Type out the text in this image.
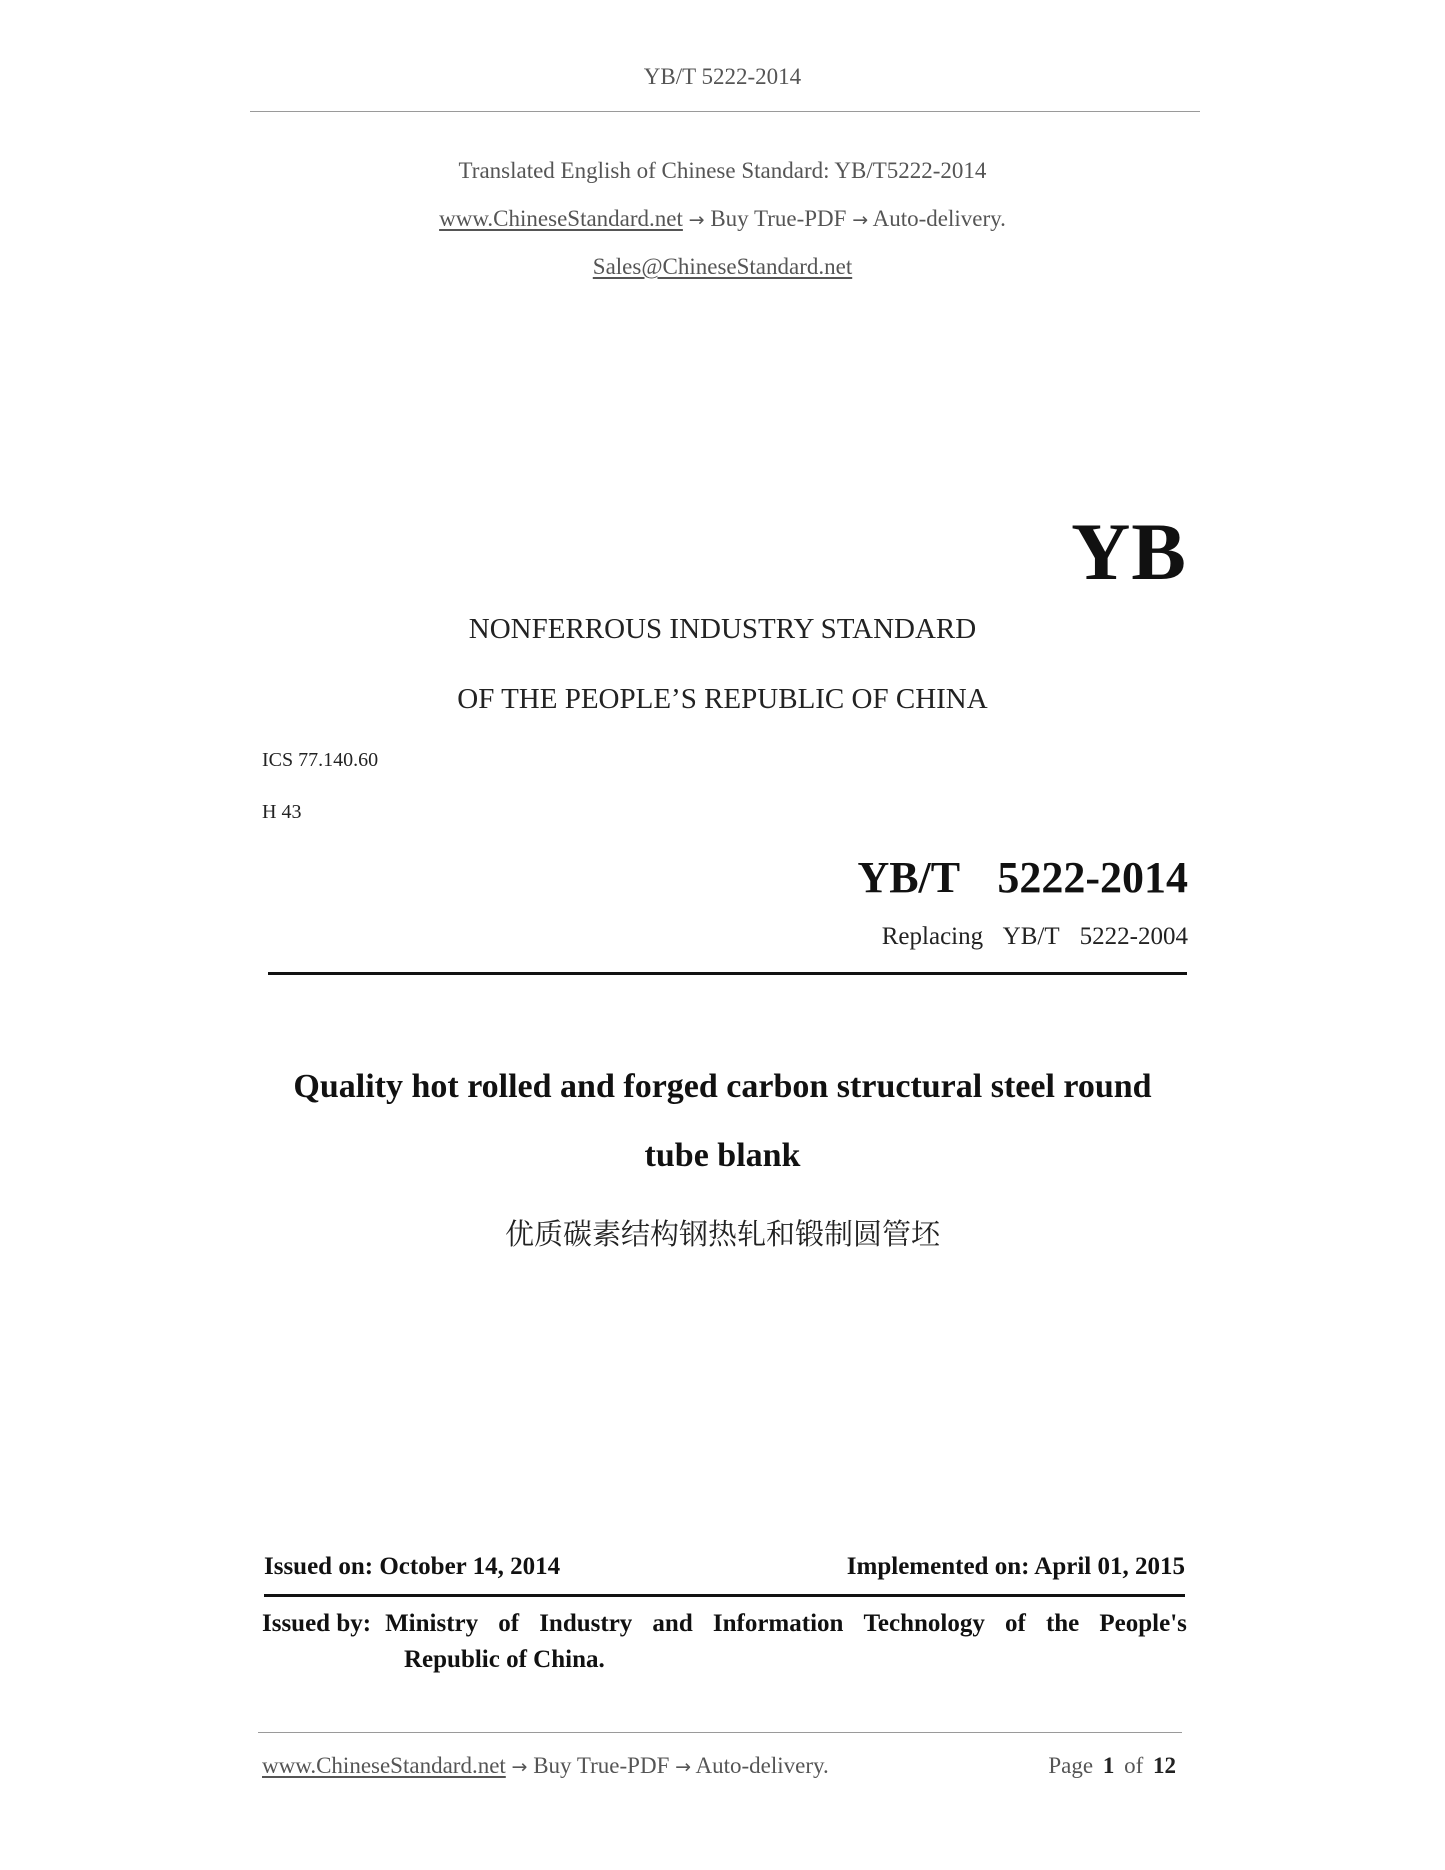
YB/T 5222-2014
Translated English of Chinese Standard: YB/T5222-2014
www.ChineseStandard.net → Buy True-PDF → Auto-delivery.
Sales@ChineseStandard.net
YB
NONFERROUS INDUSTRY STANDARD
OF THE PEOPLE’S REPUBLIC OF CHINA
ICS 77.140.60
H 43
YB/T  5222-2014
Replacing  YB/T  5222-2004
Quality hot rolled and forged carbon structural steel round
tube blank
优质碳素结构钢热轧和锻制圆管坯
Issued on: October 14, 2014	Implemented on: April 01, 2015
Issued by: Ministry of Industry and Information Technology of the People's
Republic of China.
www.ChineseStandard.net → Buy True-PDF → Auto-delivery.	Page 1 of 12
